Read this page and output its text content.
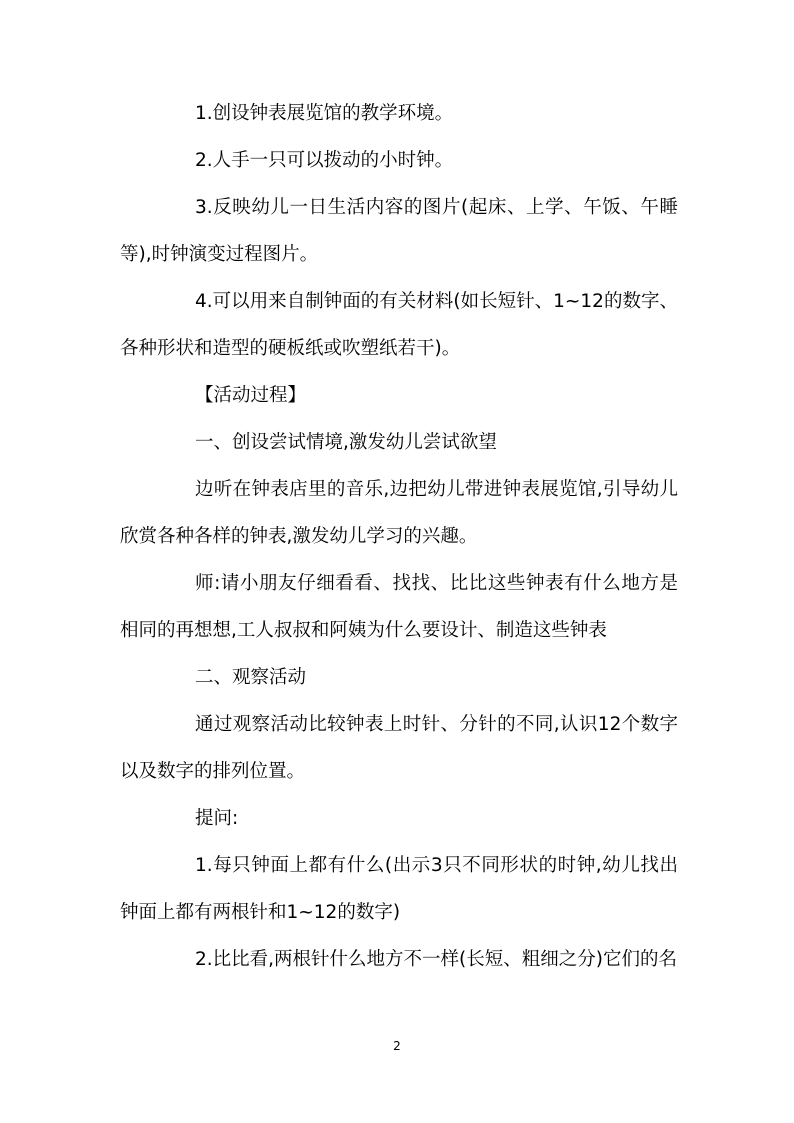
1.创设钟表展览馆的教学环境。

2.人手一只可以拨动的小时钟。

3.反映幼儿一日生活内容的图片(起床、上学、午饭、午睡等),时钟演变过程图片。

4.可以用来自制钟面的有关材料(如长短针、1~12的数字、各种形状和造型的硬板纸或吹塑纸若干)。

【活动过程】

一、创设尝试情境,激发幼儿尝试欲望

边听在钟表店里的音乐,边把幼儿带进钟表展览馆,引导幼儿欣赏各种各样的钟表,激发幼儿学习的兴趣。

师:请小朋友仔细看看、找找、比比这些钟表有什么地方是相同的再想想,工人叔叔和阿姨为什么要设计、制造这些钟表

二、观察活动

通过观察活动比较钟表上时针、分针的不同,认识12个数字以及数字的排列位置。

提问:

1.每只钟面上都有什么(出示3只不同形状的时钟,幼儿找出钟面上都有两根针和1~12的数字)

2.比比看,两根针什么地方不一样(长短、粗细之分)它们的名

2
